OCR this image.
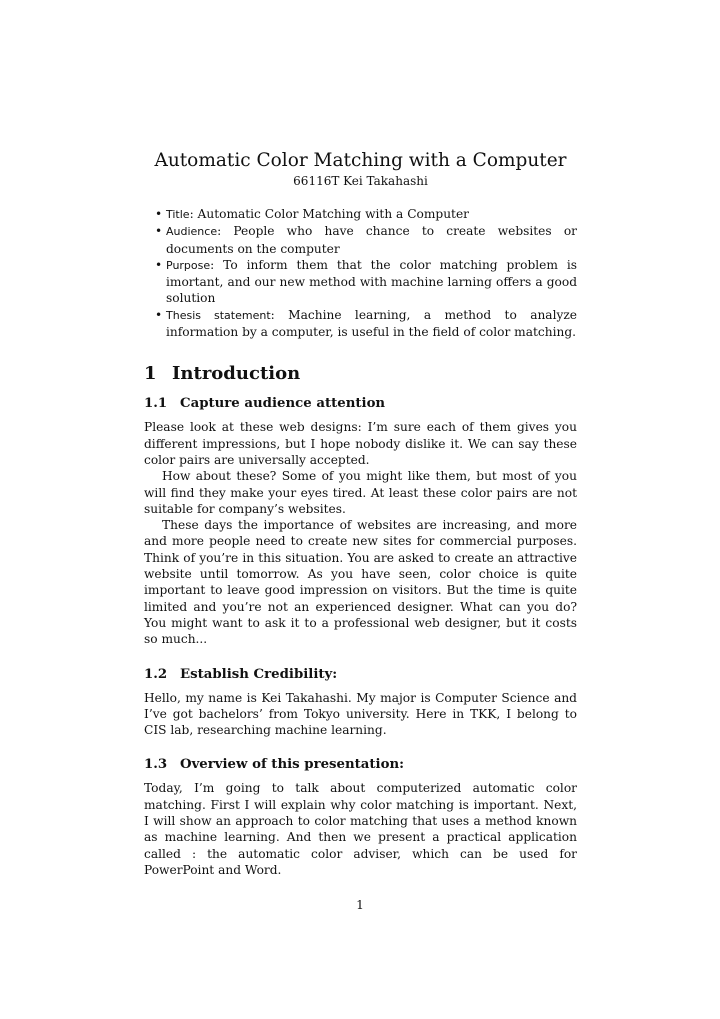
Automatic Color Matching with a Computer

66116T Kei Takahashi

• Title: Automatic Color Matching with a Computer
• Audience: People who have chance to create websites or documents on the computer
• Purpose: To inform them that the color matching problem is imortant, and our new method with machine larning offers a good solution
• Thesis statement: Machine learning, a method to analyze information by a computer, is useful in the field of color matching.
1 Introduction
1.1 Capture audience attention

Please look at these web designs: I’m sure each of them gives you different impressions, but I hope nobody dislike it. We can say these color pairs are universally accepted.

How about these? Some of you might like them, but most of you will find they make your eyes tired. At least these color pairs are not suitable for company’s websites.

These days the importance of websites are increasing, and more and more people need to create new sites for commercial purposes. Think of you’re in this situation. You are asked to create an attractive website until tomorrow. As you have seen, color choice is quite important to leave good impression on visitors. But the time is quite limited and you’re not an experienced designer. What can you do? You might want to ask it to a professional web designer, but it costs so much...

1.2 Establish Credibility:

Hello, my name is Kei Takahashi. My major is Computer Science and I’ve got bachelors’ from Tokyo university. Here in TKK, I belong to CIS lab, researching machine learning.

1.3 Overview of this presentation:

Today, I’m going to talk about computerized automatic color matching. First I will explain why color matching is important. Next, I will show an approach to color matching that uses a method known as machine learning. And then we present a practical application called : the automatic color adviser, which can be used for PowerPoint and Word.

1
